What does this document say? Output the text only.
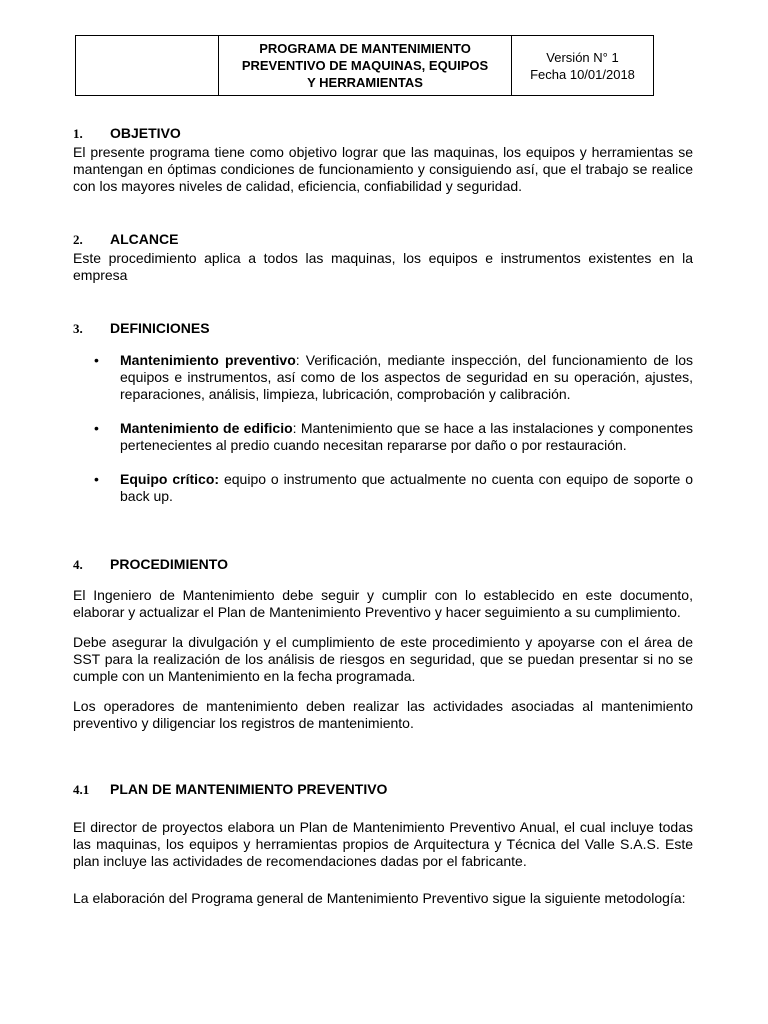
PROGRAMA DE MANTENIMIENTO
PREVENTIVO DE MAQUINAS, EQUIPOS
Y HERRAMIENTAS

Versión N° 1
Fecha 10/01/2018
1.	OBJETIVO

El presente programa tiene como objetivo lograr que las maquinas, los equipos y herramientas se mantengan en óptimas condiciones de funcionamiento y consiguiendo así, que el trabajo se realice con los mayores niveles de calidad, eficiencia, confiabilidad y seguridad.

2.	ALCANCE

Este procedimiento aplica a todos las maquinas, los equipos e instrumentos existentes en la empresa

3.	DEFINICIONES
• Mantenimiento preventivo: Verificación, mediante inspección, del funcionamiento de los equipos e instrumentos, así como de los aspectos de seguridad en su operación, ajustes, reparaciones, análisis, limpieza, lubricación, comprobación y calibración.
• Mantenimiento de edificio: Mantenimiento que se hace a las instalaciones y componentes pertenecientes al predio cuando necesitan repararse por daño o por restauración.
• Equipo crítico: equipo o instrumento que actualmente no cuenta con equipo de soporte o back up.
4.	PROCEDIMIENTO

El Ingeniero de Mantenimiento debe seguir y cumplir con lo establecido en este documento, elaborar y actualizar el Plan de Mantenimiento Preventivo y hacer seguimiento a su cumplimiento.

Debe asegurar la divulgación y el cumplimiento de este procedimiento y apoyarse con el área de SST para la realización de los análisis de riesgos en seguridad, que se puedan presentar si no se cumple con un Mantenimiento en la fecha programada.

Los operadores de mantenimiento deben realizar las actividades asociadas al mantenimiento preventivo y diligenciar los registros de mantenimiento.

4.1	PLAN DE MANTENIMIENTO PREVENTIVO

El director de proyectos elabora un Plan de Mantenimiento Preventivo Anual, el cual incluye todas las maquinas, los equipos y herramientas propios de Arquitectura y Técnica del Valle S.A.S. Este plan incluye las actividades de recomendaciones dadas por el fabricante.

La elaboración del Programa general de Mantenimiento Preventivo sigue la siguiente metodología:
